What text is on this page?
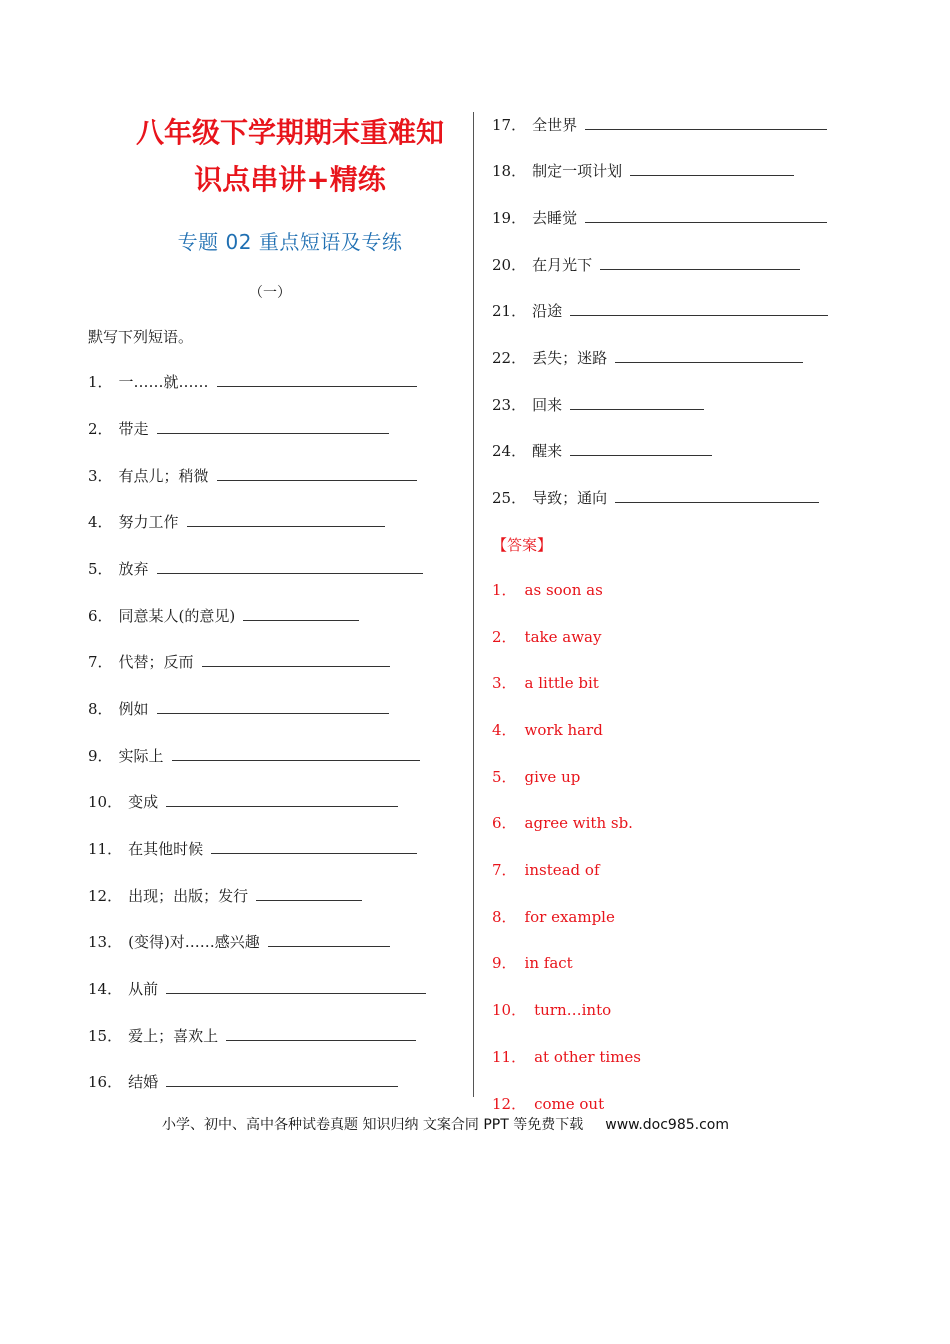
八年级下学期期末重难知
识点串讲+精练
专题 02 重点短语及专练
（一）
默写下列短语。
1． 一……就……
2． 带走
3． 有点儿；稍微
4． 努力工作
5． 放弃
6． 同意某人(的意见)
7． 代替；反而
8． 例如
9． 实际上
10． 变成
11． 在其他时候
12． 出现；出版；发行
13． (变得)对……感兴趣
14． 从前
15． 爱上；喜欢上
16． 结婚
17． 全世界
18． 制定一项计划
19． 去睡觉
20． 在月光下
21． 沿途
22． 丢失；迷路
23． 回来
24． 醒来
25． 导致；通向
【答案】
1． as soon as
2． take away
3． a little bit
4． work hard
5． give up
6． agree with sb.
7． instead of
8． for example
9． in fact
10． turn…into
11． at other times
12． come out
小学、初中、高中各种试卷真题 知识归纳 文案合同 PPT 等免费下载 www.doc985.com
